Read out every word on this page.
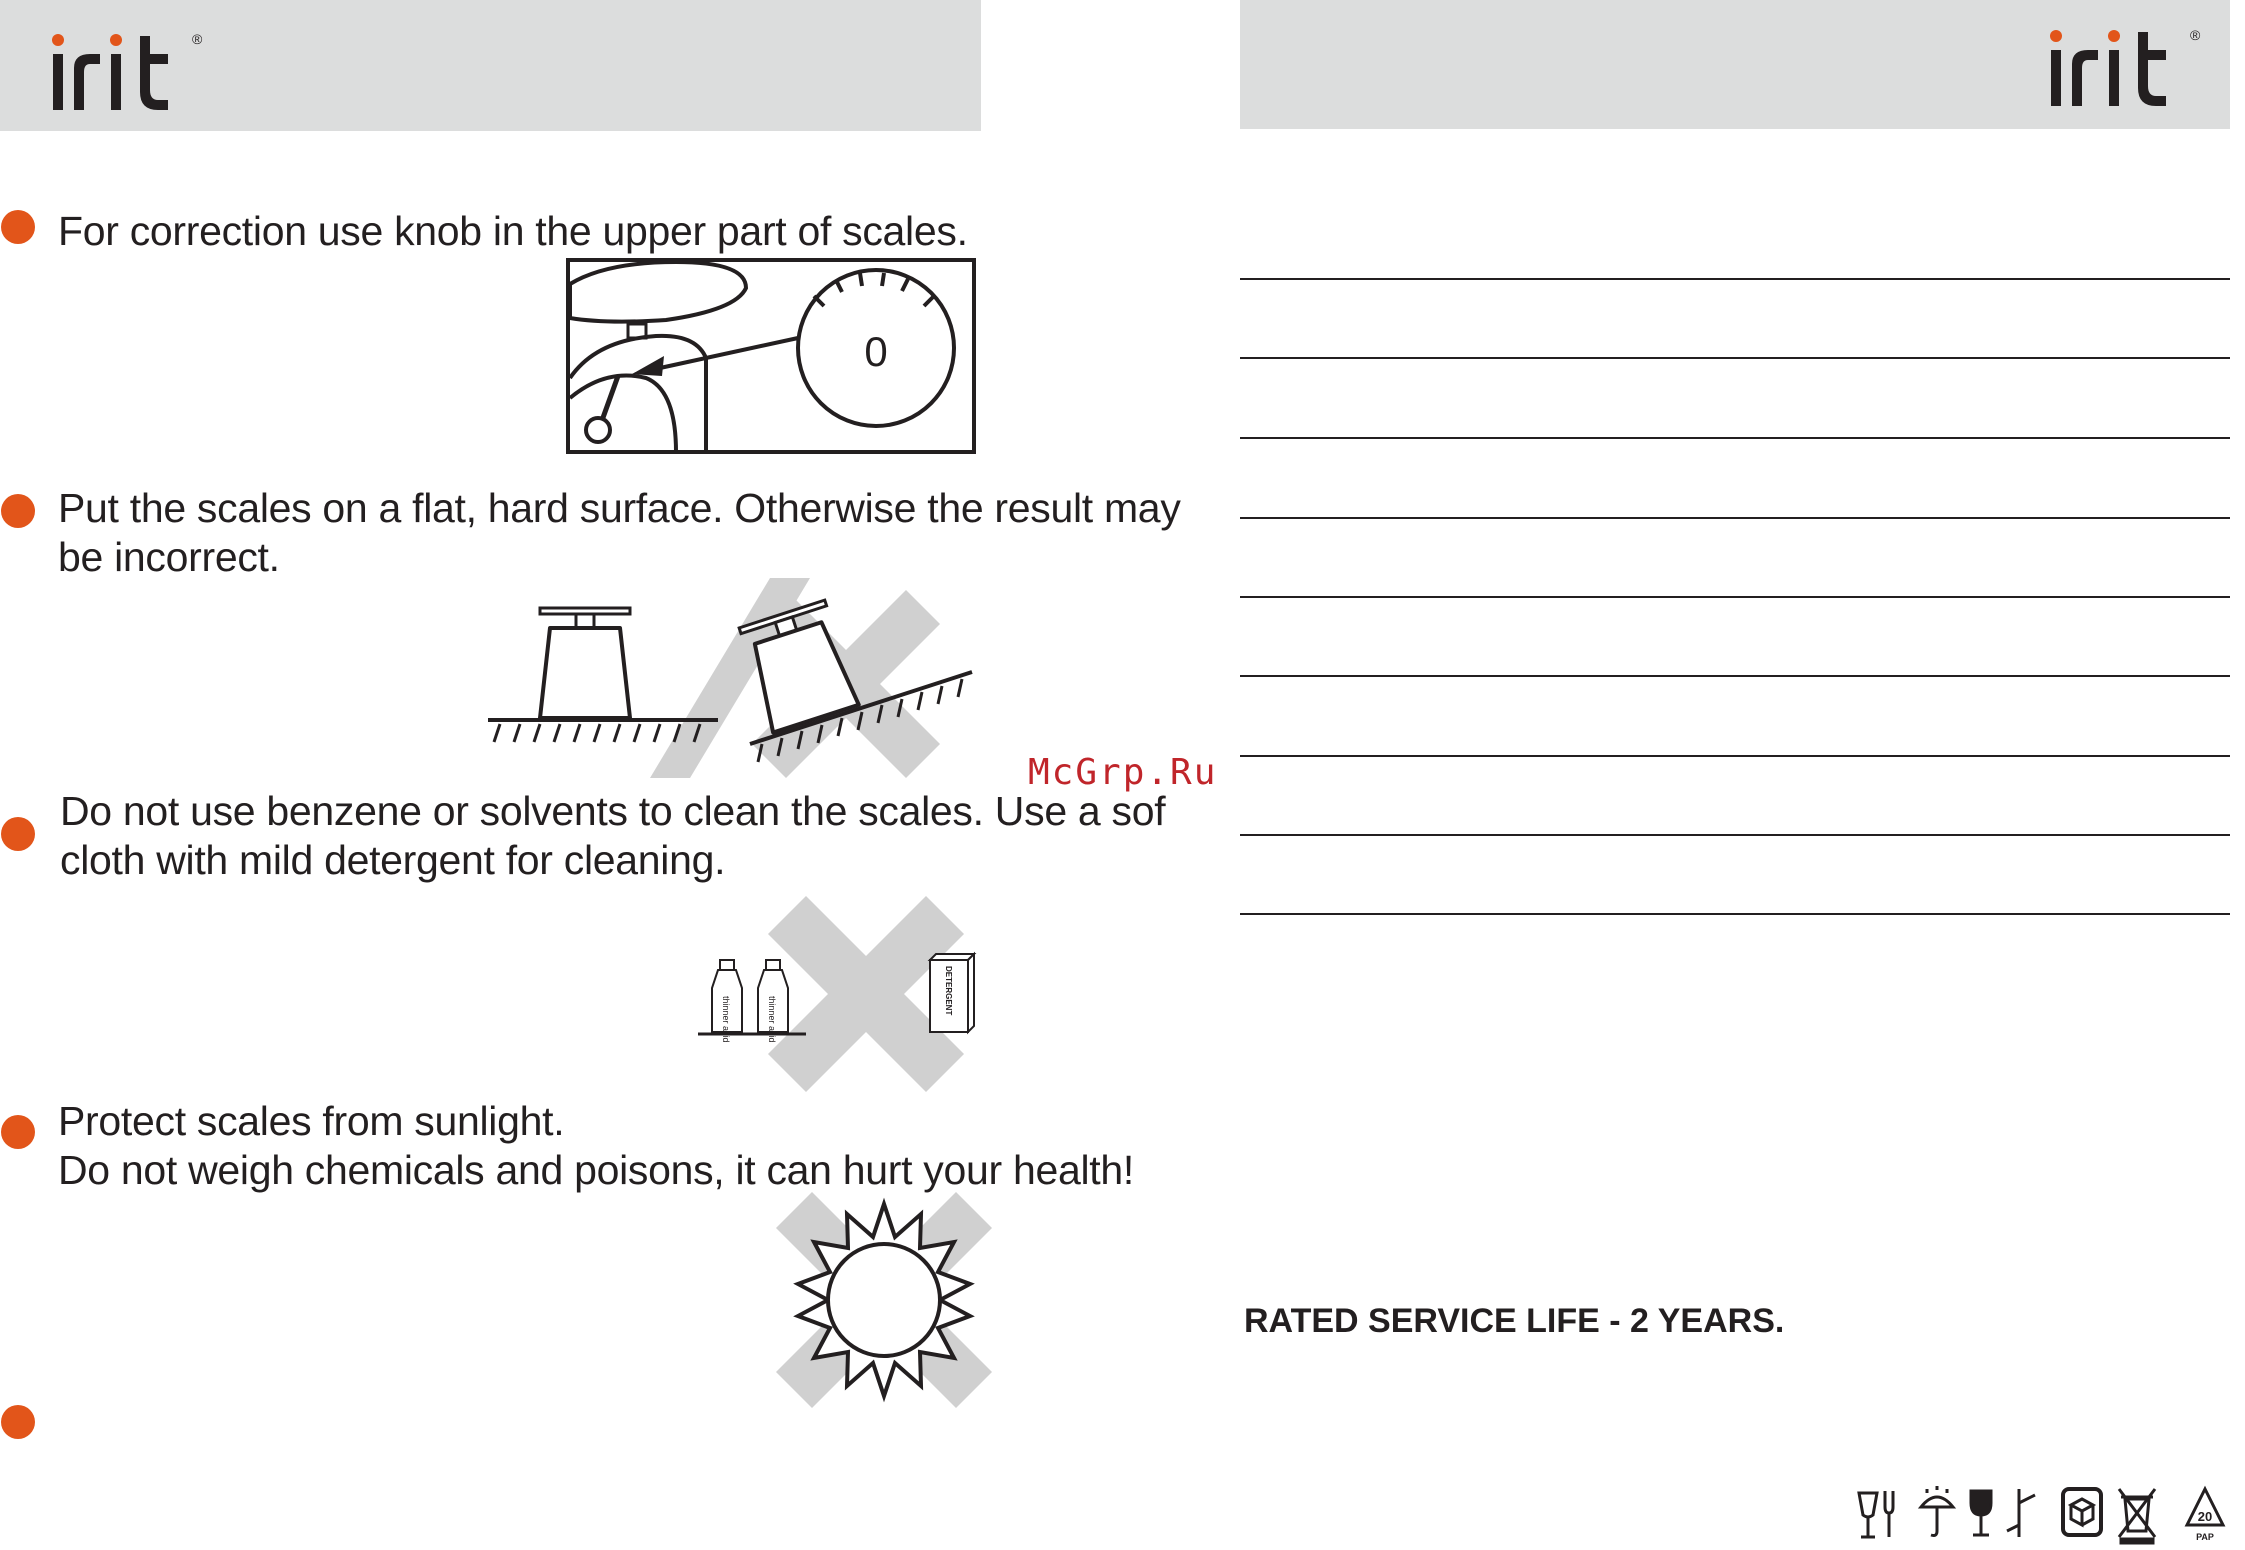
®	®
For correction use knob in the upper part of scales.
Put the scales on a flat, hard surface. Otherwise the result may
be incorrect.
Do not use benzene or solvents to clean the scales. Use a sof
cloth with mild detergent for cleaning.
Protect scales from sunlight.
Do not weigh chemicals and poisons, it can hurt your health!
0
thinner acid	thinner acid
DETERGENT
McGrp.Ru
RATED SERVICE LIFE - 2 YEARS.
20
PAP
